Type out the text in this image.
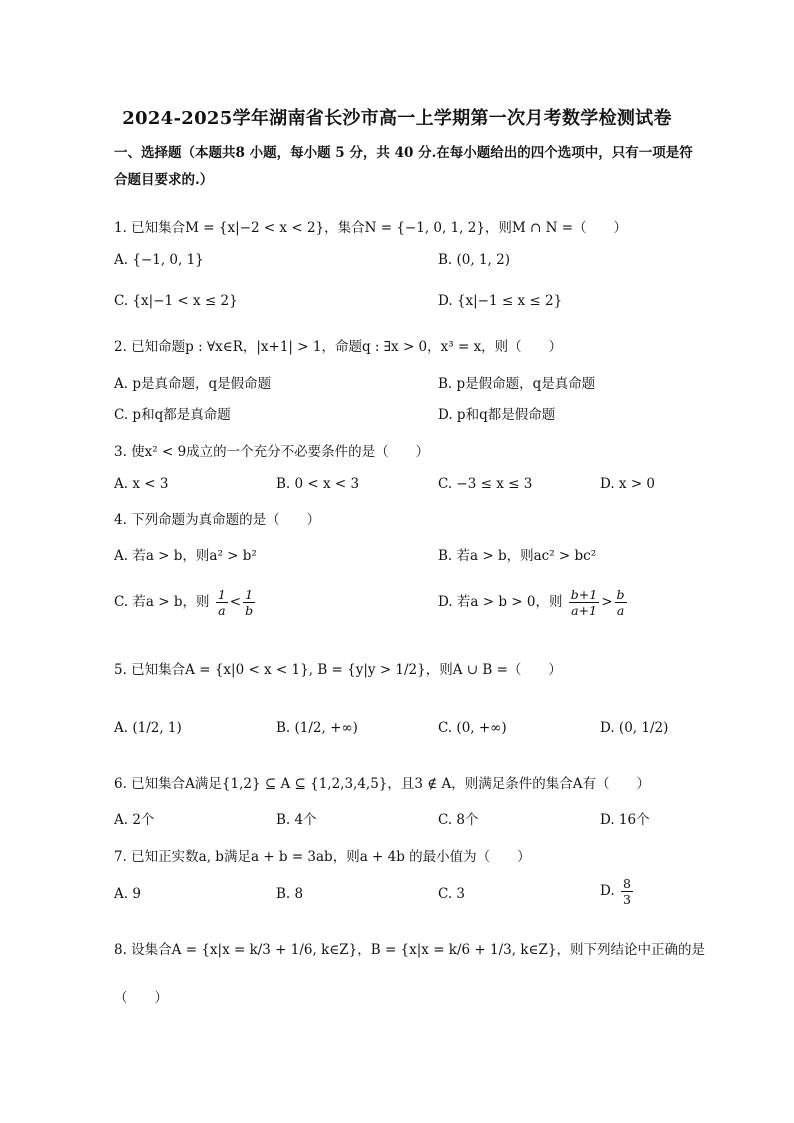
2024-2025学年湖南省长沙市高一上学期第一次月考数学检测试卷
一、选择题（本题共8 小题，每小题 5 分，共 40 分.在每小题给出的四个选项中，只有一项是符合题目要求的.）
1. 已知集合M = {x|−2 < x < 2}，集合N = {−1, 0, 1, 2}，则M ∩ N =（　　）
A. {−1, 0, 1}	B. (0, 1, 2)
C. {x|−1 < x ≤ 2}	D. {x|−1 ≤ x ≤ 2}
2. 已知命题p : ∀x∈R，|x+1| > 1，命题q : ∃x > 0，x³ = x，则（　　）
A. p是真命题，q是假命题	B. p是假命题，q是真命题
C. p和q都是真命题	D. p和q都是假命题
3. 使x² < 9成立的一个充分不必要条件的是（　　）
A. x < 3	B. 0 < x < 3	C. −3 ≤ x ≤ 3	D. x > 0
4. 下列命题为真命题的是（　　）
A. 若a > b，则a² > b²	B. 若a > b，则ac² > bc²
C. 若a > b，则 $\frac{1}{a} < \frac{1}{b}$	D. 若a > b > 0，则 $\frac{b+1}{a+1} > \frac{b}{a}$
5. 已知集合A = {x|0 < x < 1}, B = {y|y > 1/2}，则A ∪ B =（　　）
A. (1/2, 1)	B. (1/2, +∞)	C. (0, +∞)	D. (0, 1/2)
6. 已知集合A满足{1,2} ⊆ A ⊆ {1,2,3,4,5}，且3 ∉ A，则满足条件的集合A有（　　）
A. 2个	B. 4个	C. 8个	D. 16个
7. 已知正实数a, b满足a + b = 3ab，则a + 4b 的最小值为（　　）
A. 9	B. 8	C. 3	D. $\frac{8}{3}$
8. 设集合A = {x|x = k/3 + 1/6, k∈Z}，B = {x|x = k/6 + 1/3, k∈Z}，则下列结论中正确的是
（　　）
